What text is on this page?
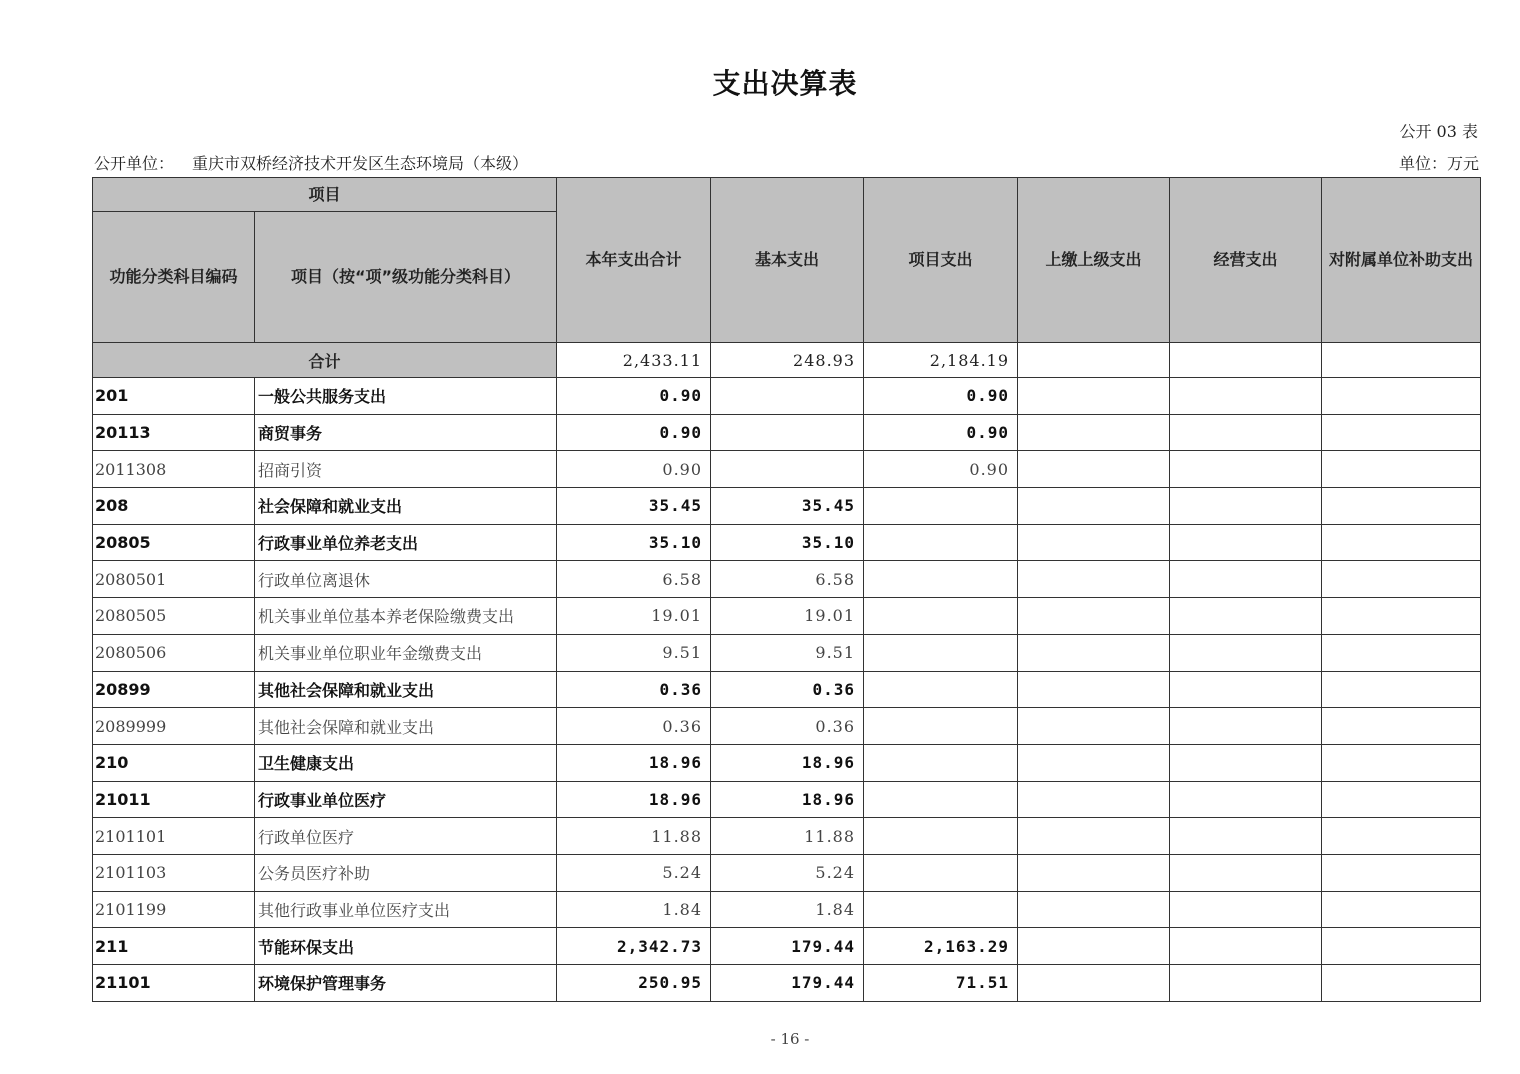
支出决算表
公开 03 表
公开单位： 重庆市双桥经济技术开发区生态环境局（本级）	单位：万元
项目		本年支出合计	基本支出	项目支出	上缴上级支出	经营支出	对附属单位补助支出
功能分类科目编码	项目（按“项”级功能分类科目）						
合计		2,433.11	248.93	2,184.19			
201	一般公共服务支出	0.90		0.90			
20113	商贸事务	0.90		0.90			
2011308	招商引资	0.90		0.90			
208	社会保障和就业支出	35.45	35.45				
20805	行政事业单位养老支出	35.10	35.10				
2080501	行政单位离退休	6.58	6.58				
2080505	机关事业单位基本养老保险缴费支出	19.01	19.01				
2080506	机关事业单位职业年金缴费支出	9.51	9.51				
20899	其他社会保障和就业支出	0.36	0.36				
2089999	其他社会保障和就业支出	0.36	0.36				
210	卫生健康支出	18.96	18.96				
21011	行政事业单位医疗	18.96	18.96				
2101101	行政单位医疗	11.88	11.88				
2101103	公务员医疗补助	5.24	5.24				
2101199	其他行政事业单位医疗支出	1.84	1.84				
211	节能环保支出	2,342.73	179.44	2,163.29			
21101	环境保护管理事务	250.95	179.44	71.51			
- 16 -
